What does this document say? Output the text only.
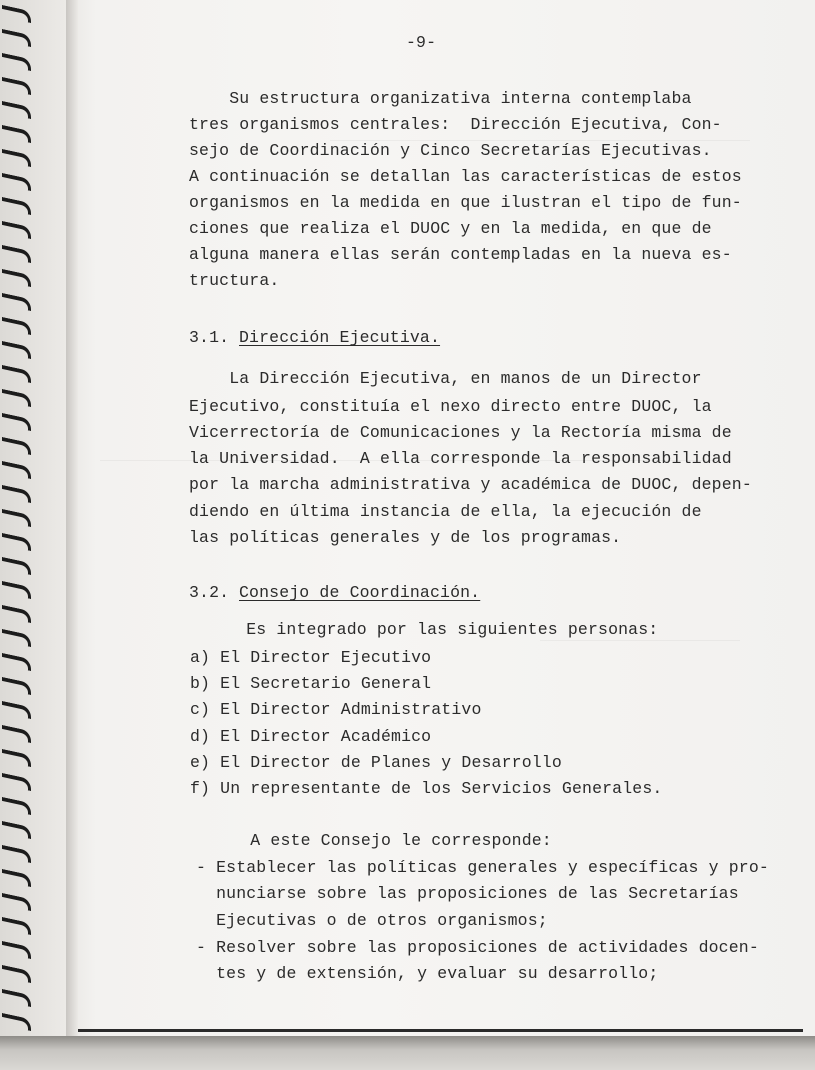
-9-
Su estructura organizativa interna contemplaba
tres organismos centrales:  Dirección Ejecutiva, Con-
sejo de Coordinación y Cinco Secretarías Ejecutivas.
A continuación se detallan las características de estos
organismos en la medida en que ilustran el tipo de fun-
ciones que realiza el DUOC y en la medida, en que de
alguna manera ellas serán contempladas en la nueva es-
tructura.
3.1. Dirección Ejecutiva.
La Dirección Ejecutiva, en manos de un Director
Ejecutivo, constituía el nexo directo entre DUOC, la
Vicerrectoría de Comunicaciones y la Rectoría misma de
la Universidad.  A ella corresponde la responsabilidad
por la marcha administrativa y académica de DUOC, depen-
diendo en última instancia de ella, la ejecución de
las políticas generales y de los programas.
3.2. Consejo de Coordinación.
Es integrado por las siguientes personas:
a) El Director Ejecutivo
b) El Secretario General
c) El Director Administrativo
d) El Director Académico
e) El Director de Planes y Desarrollo
f) Un representante de los Servicios Generales.
A este Consejo le corresponde:
- Establecer las políticas generales y específicas y pro-
nunciarse sobre las proposiciones de las Secretarías
Ejecutivas o de otros organismos;
- Resolver sobre las proposiciones de actividades docen-
tes y de extensión, y evaluar su desarrollo;
